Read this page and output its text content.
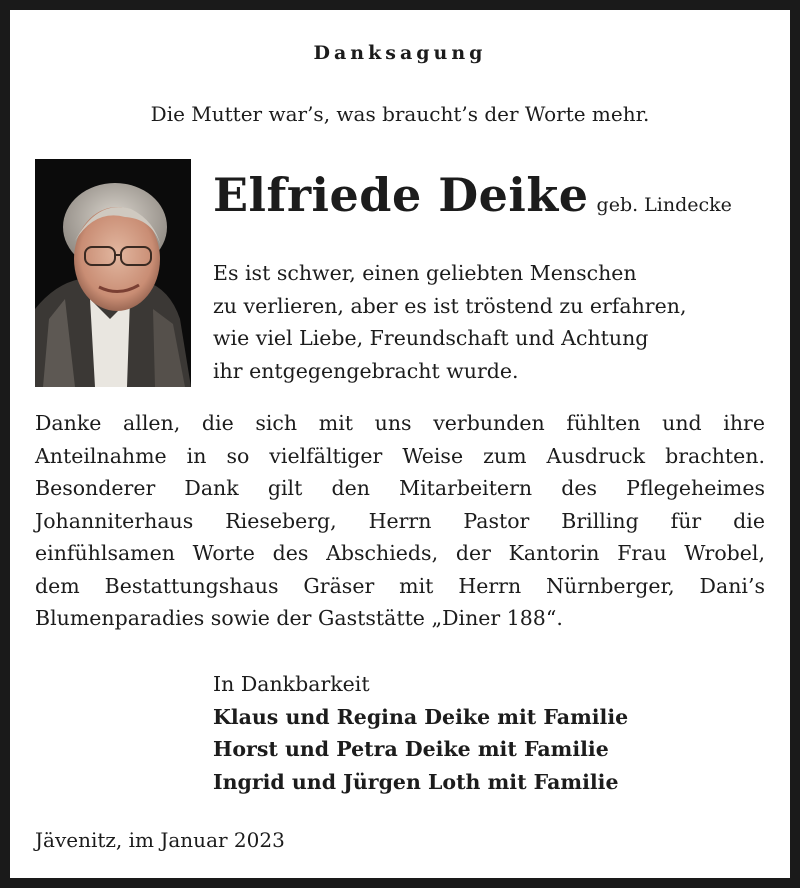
Danksagung
Die Mutter war’s, was braucht’s der Worte mehr.
Elfriede Deike geb. Lindecke
Es ist schwer, einen geliebten Menschen
zu verlieren, aber es ist tröstend zu erfahren,
wie viel Liebe, Freundschaft und Achtung
ihr entgegengebracht wurde.
Danke allen, die sich mit uns verbunden fühlten und ihre
Anteilnahme in so vielfältiger Weise zum Ausdruck brachten.
Besonderer Dank gilt den Mitarbeitern des Pflegeheimes
Johanniterhaus Rieseberg, Herrn Pastor Brilling für die
einfühlsamen Worte des Abschieds, der Kantorin Frau Wrobel,
dem Bestattungshaus Gräser mit Herrn Nürnberger, Dani’s
Blumenparadies sowie der Gaststätte „Diner 188“.
In Dankbarkeit
Klaus und Regina Deike mit Familie
Horst und Petra Deike mit Familie
Ingrid und Jürgen Loth mit Familie
Jävenitz, im Januar 2023
